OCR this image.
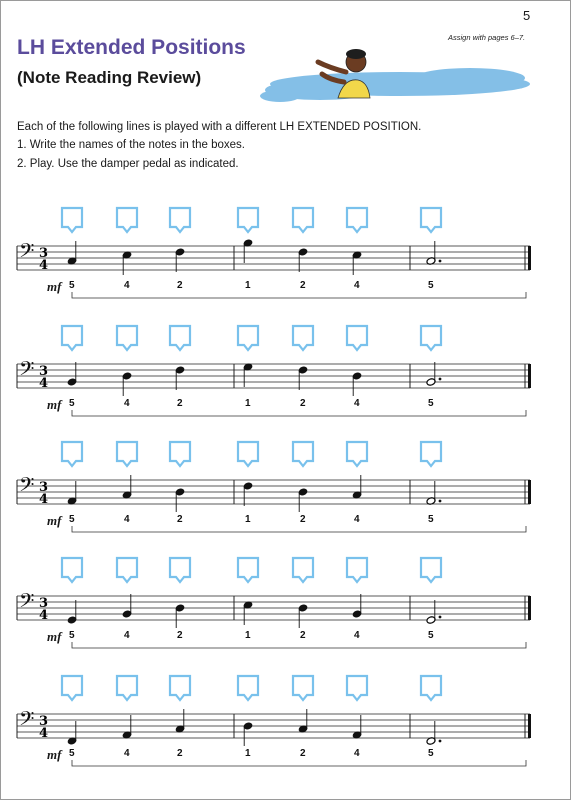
5
Assign with pages 6–7.
LH Extended Positions
(Note Reading Review)

Each of the following lines is played with a different LH EXTENDED POSITION.

1. Write the names of the notes in the boxes.

2. Play. Use the damper pedal as indicated.

𝄢 3
4
5	4	2	1	2	4	5
mf
𝄢 3
4
5	4	2	1	2	4	5
mf
𝄢 3
4
5	4	2	1	2	4	5
mf
𝄢 3
4
5	4	2	1	2	4	5
mf
𝄢 3
4
5	4	2	1	2	4	5
mf
